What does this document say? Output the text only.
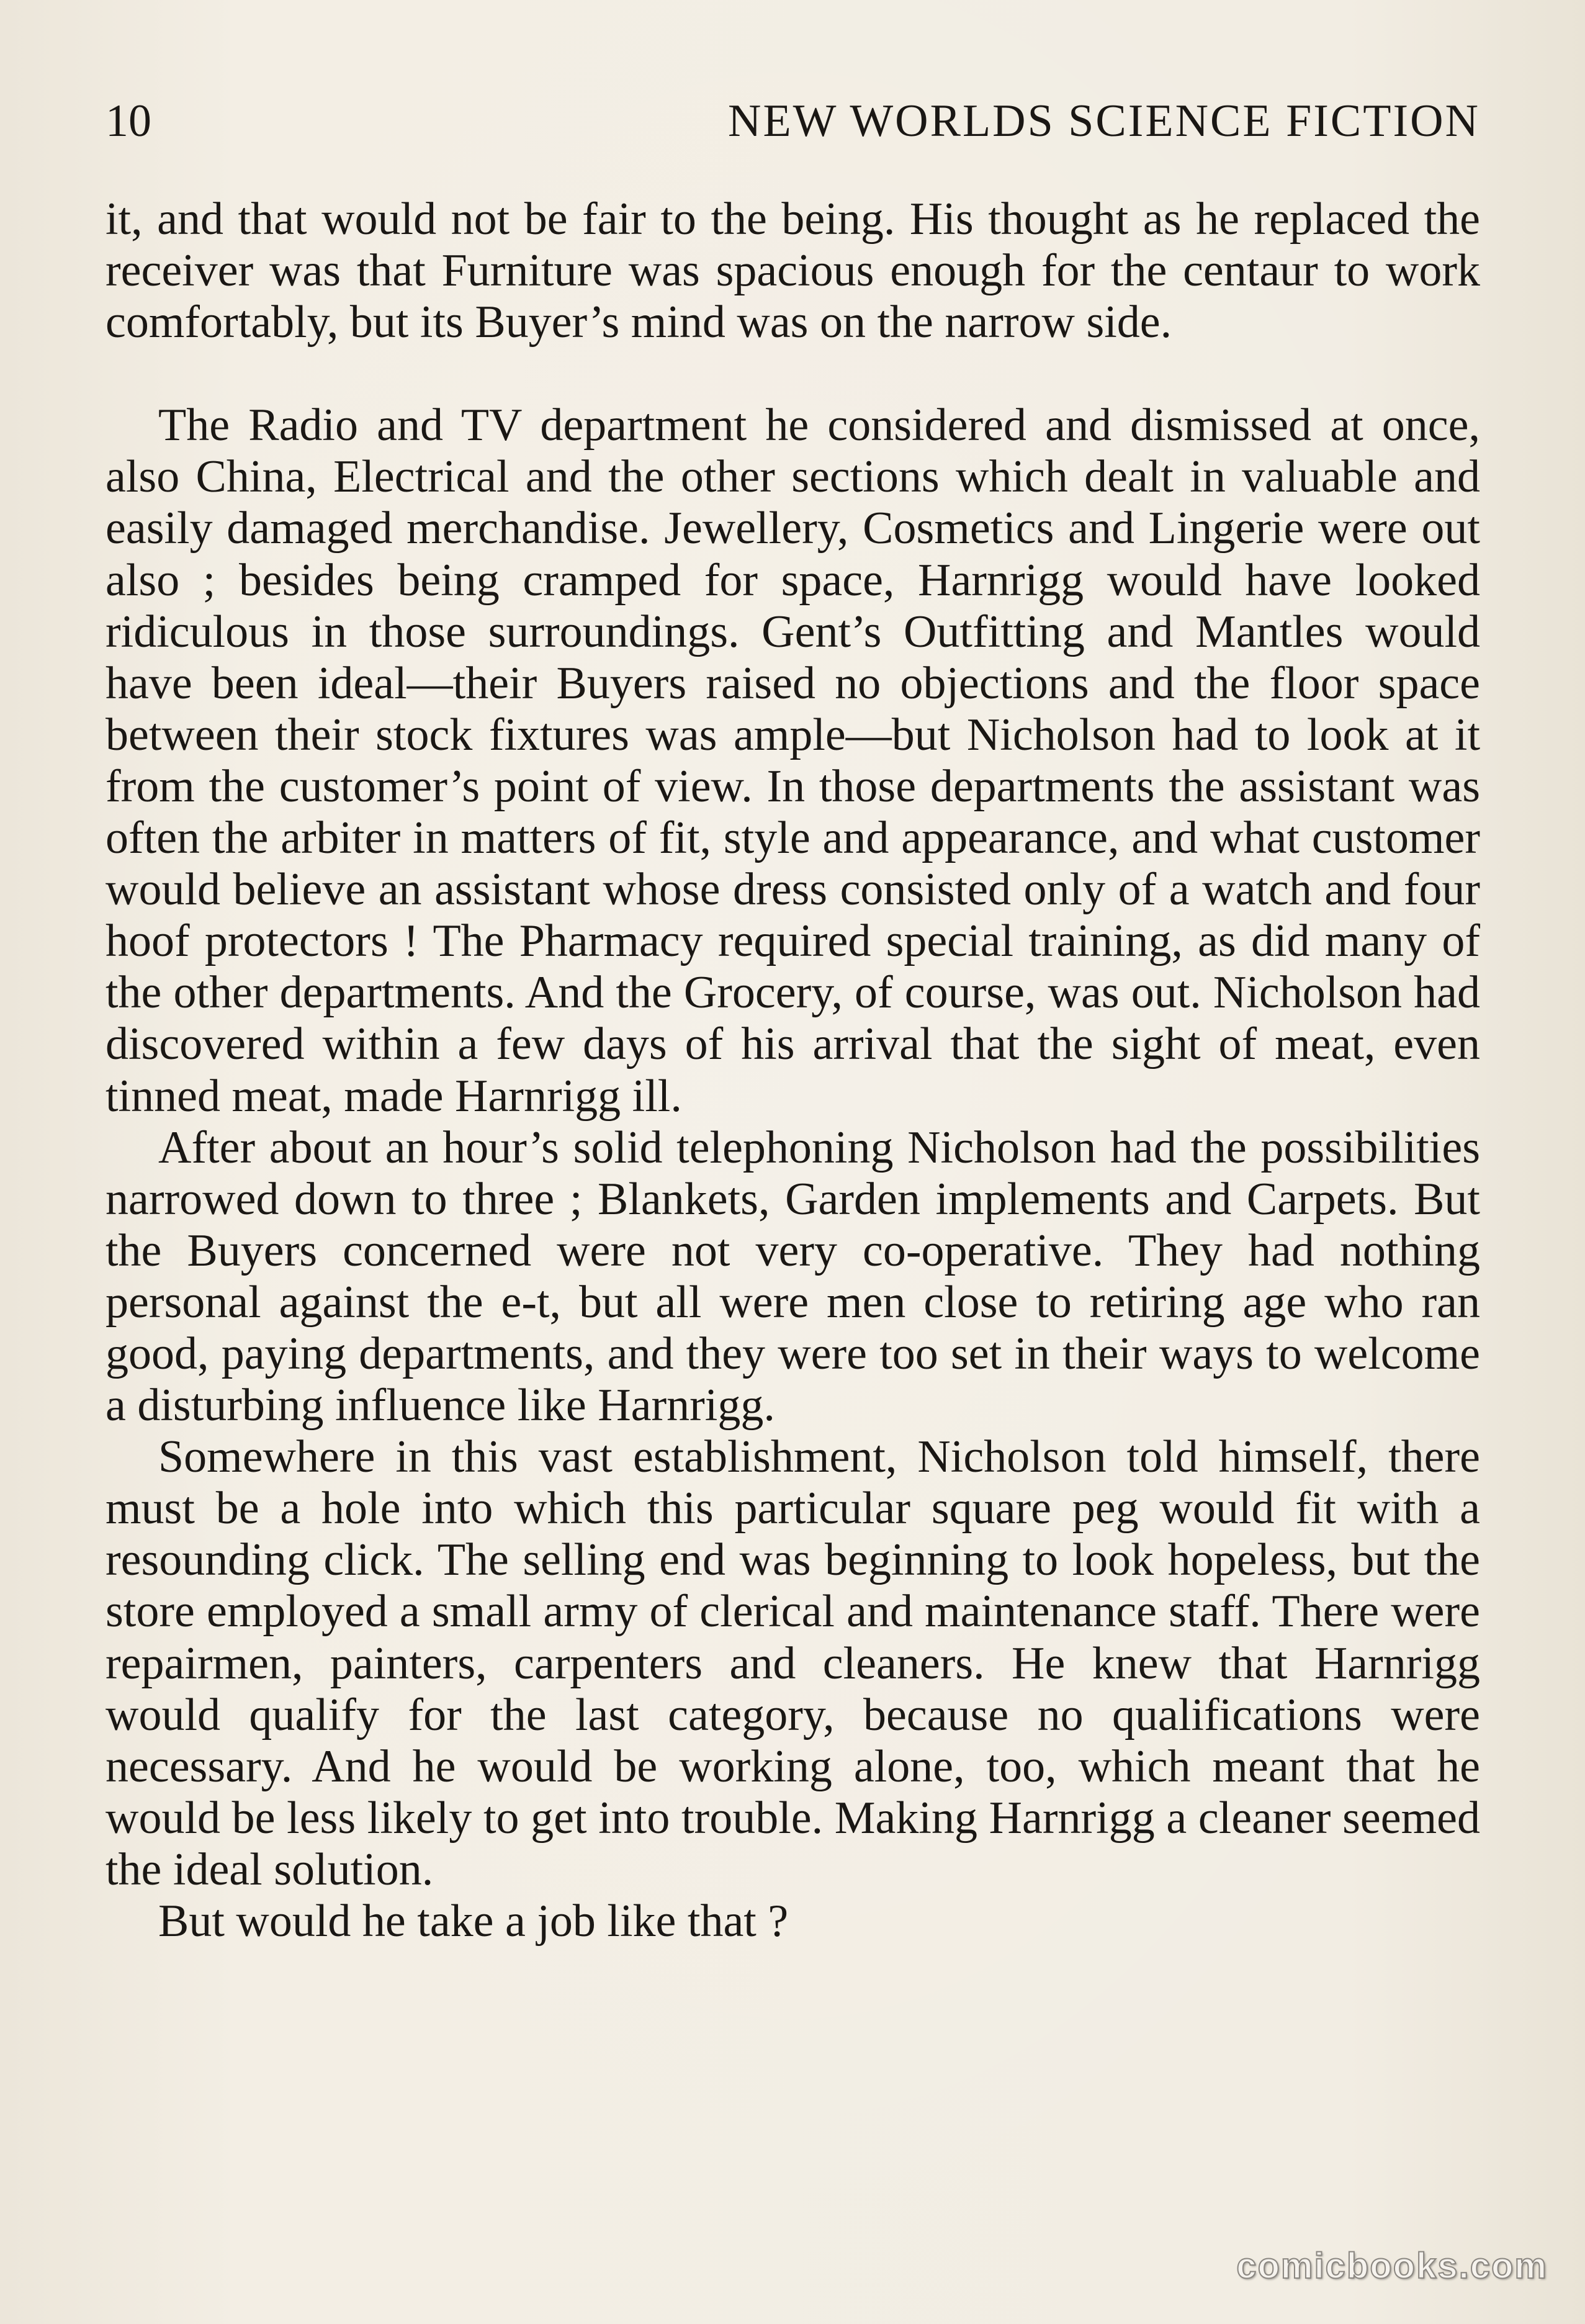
10	NEW WORLDS SCIENCE FICTION

it, and that would not be fair to the being. His thought as he replaced the receiver was that Furniture was spacious enough for the centaur to work comfortably, but its Buyer’s mind was on the narrow side.

The Radio and TV department he considered and dismissed at once, also China, Electrical and the other sections which dealt in valuable and easily damaged merchandise. Jewellery, Cosmetics and Lingerie were out also ; besides being cramped for space, Harnrigg would have looked ridiculous in those surroundings. Gent’s Outfitting and Mantles would have been ideal—their Buyers raised no objections and the floor space between their stock fixtures was ample—but Nicholson had to look at it from the customer’s point of view. In those departments the assistant was often the arbiter in matters of fit, style and appearance, and what customer would believe an assistant whose dress consisted only of a watch and four hoof protectors ! The Pharmacy required special training, as did many of the other departments. And the Grocery, of course, was out. Nicholson had discovered within a few days of his arrival that the sight of meat, even tinned meat, made Harnrigg ill.

After about an hour’s solid telephoning Nicholson had the possibilities narrowed down to three ; Blankets, Garden implements and Carpets. But the Buyers concerned were not very co-operative. They had nothing personal against the e-t, but all were men close to retiring age who ran good, paying departments, and they were too set in their ways to welcome a disturbing influence like Harnrigg.

Somewhere in this vast establishment, Nicholson told himself, there must be a hole into which this particular square peg would fit with a resounding click. The selling end was beginning to look hopeless, but the store employed a small army of clerical and maintenance staff. There were repairmen, painters, carpenters and cleaners. He knew that Harnrigg would qualify for the last category, because no qualifications were necessary. And he would be working alone, too, which meant that he would be less likely to get into trouble. Making Harnrigg a cleaner seemed the ideal solution.

But would he take a job like that ?

comicbooks.com
